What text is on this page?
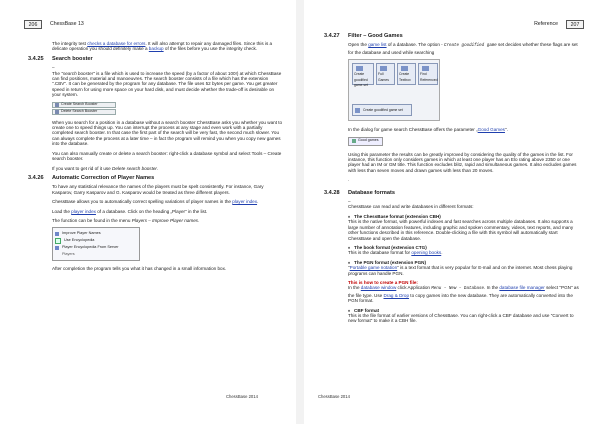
206	ChessBase 13

The integrity test checks a database for errors. It will also attempt to repair any damaged files. Since this is a delicate operation you should definitely make a backup of the files before you use the integrity check.

3.4.25 Search booster

–

The "search booster" is a file which is used to increase the speed (by a factor of about 100!) at which ChessBase can find positions, material and manoeuvres. The search booster consists of a file which has the extension ".CBV". It can be generated by the program for any database. The file uses 52 bytes per game. You get greater speed in return for using more space on your hard disk, and must decide whether the trade-off is desirable on your system.

Create Search Booster
Delete Search Booster

When you search for a position in a database without a search booster ChessBase asks you whether you want to create one to speed things up. You can interrupt the process at any stage and even work with a partially completed search booster. In that case the first part of the search will be very fast, the second much slower. You can always complete the process at a later time – in fact the program will remind you when you copy new games into the database.

You can also manually create or delete a search booster: right-click a database symbol and select Tools – Create search booster.

If you want to get rid of it use Delete search booster.

3.4.26 Automatic Correction of Player Names

To have any statistical relevance the names of the players must be spelt consistently. For instance, Gary Kasparov, Garry Kasparov and G. Kasparov would be treated as three different players.

ChessBase allows you to automatically correct spelling variations of player names in the player index.

Load the player index of a database. Click on the heading „Player" in the list.

The function can be found in the menu Players – Improve Player names.

Improve Player Names
Use Encyclopedia
Player Encyclopedia From Server
Players

After completion the program tells you what it has changed in a small information box.

ChessBase 2014
Reference	207
3.4.27 Filter – Good Games

Open the game list of a database. The option - Create goodified game set decides whether these flags are set for the database and used while searching

Create goodified game set
Full Games
Create Textbox
Find Referenced
Create goodified game set

In the dialog for game search ChessBase offers the parameter „Good Games".

Good games

Using this parameter the results can be greatly improved by considering the quality of the games in the list. For instance, this function only considers games in which at least one player has an Elo rating above 2350 or one player had an IM or GM title. This function excludes blitz, rapid and simultaneous games. It also excludes games with less than seven moves and drawn games with less than 20 moves.

.

3.4.28 Database formats

–

ChessBase can read and write databases in different formats:

♦ The ChessBase format (extension CBH)

This is the native format, with powerful indexes and fast searches across multiple databases. It also supports a large number of annotation features, including graphic and spoken commentary, videos, text reports, and many other functions described in this reference. Double-clicking a file with this symbol will automatically start ChessBase and open the database.

♦ The book format (extension CTG)

This is the database format for opening books.

♦ The PGN format (extension PGN)

"Portable game notation" is a text format that is very popular for E-mail and on the internet. Most chess playing programs can handle PGN.

This is how to create a PGN file:

In the database window click Application Menu – New – Database. In the database file manager select "PGN" as the file type. Use Drag & Drop to copy games into the new database. They are automatically converted into the PGN format.

♦ CBF format

This is the file format of earlier versions of ChessBase. You can right-click a CBF database and use "Convert to new format" to make it a CBH file.

ChessBase 2014
